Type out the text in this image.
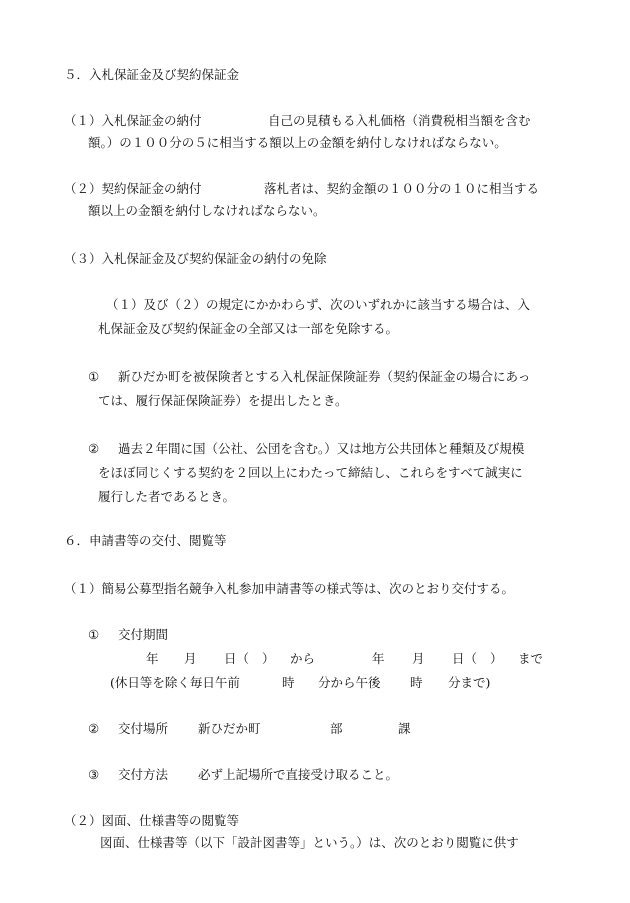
５．入札保証金及び契約保証金
（１）入札保証金の納付	自己の見積もる入札価格（消費税相当額を含む
額。）の１００分の５に相当する額以上の金額を納付しなければならない。
（２）契約保証金の納付	落札者は、契約金額の１００分の１０に相当する
額以上の金額を納付しなければならない。
（３）入札保証金及び契約保証金の納付の免除
（１）及び（２）の規定にかかわらず、次のいずれかに該当する場合は、入
札保証金及び契約保証金の全部又は一部を免除する。
① 新ひだか町を被保険者とする入札保証保険証券（契約保証金の場合にあっ
ては、履行保証保険証券）を提出したとき。
② 過去２年間に国（公社、公団を含む。）又は地方公共団体と種類及び規模
をほぼ同じくする契約を２回以上にわたって締結し、これらをすべて誠実に
履行した者であるとき。
６．申請書等の交付、閲覧等
（１）簡易公募型指名競争入札参加申請書等の様式等は、次のとおり交付する。
① 交付期間
年 月 日（ ） から	年 月 日（ ） まで
(休日等を除く毎日午前	時 分から午後 時 分まで)
② 交付場所 新ひだか町	部	課
③ 交付方法 必ず上記場所で直接受け取ること。
（２）図面、仕様書等の閲覧等
図面、仕様書等（以下「設計図書等」という。）は、次のとおり閲覧に供す
